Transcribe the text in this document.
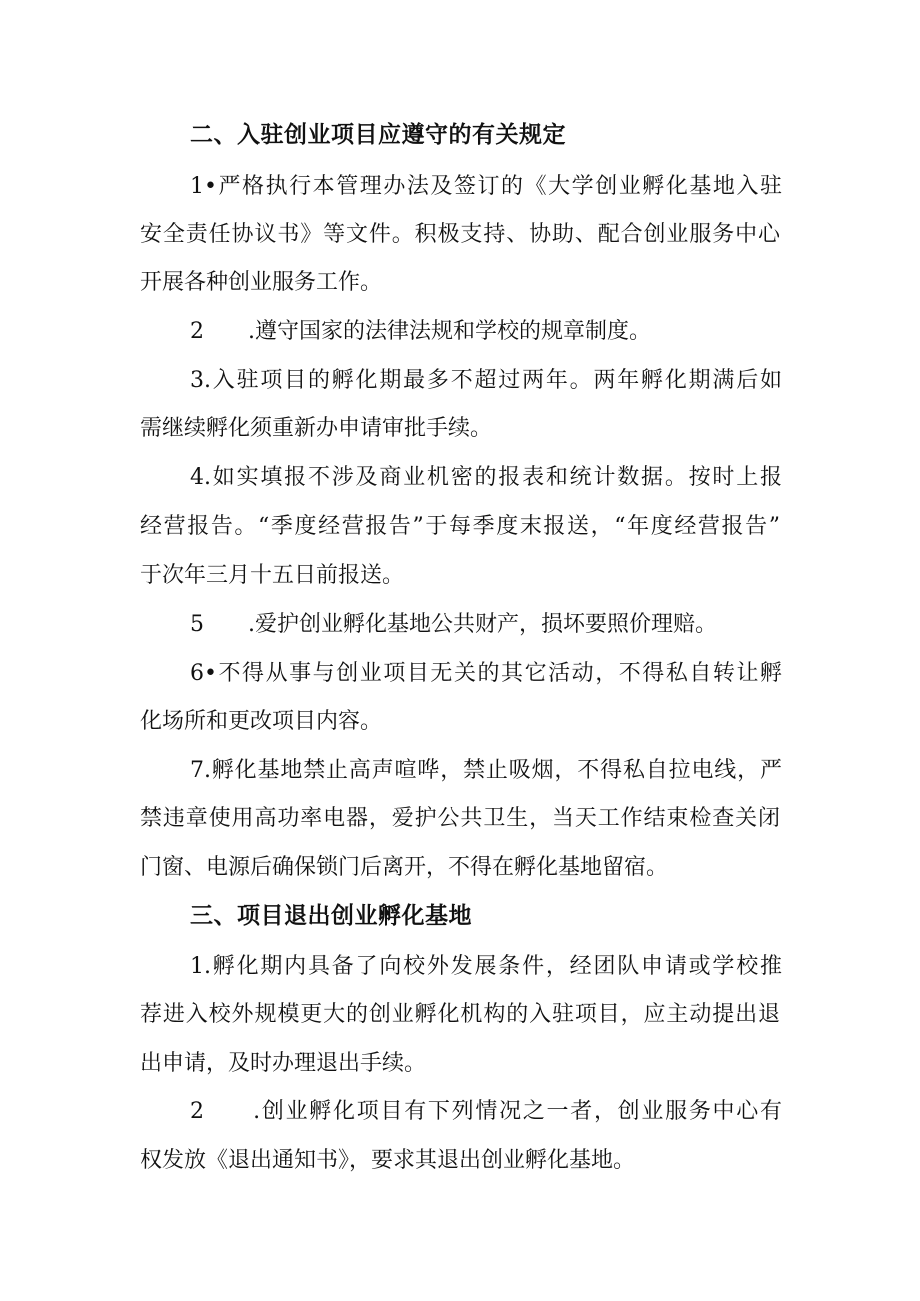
二、入驻创业项目应遵守的有关规定
1•严格执行本管理办法及签订的《大学创业孵化基地入驻
安全责任协议书》等文件。积极支持、协助、配合创业服务中心
开展各种创业服务工作。
2　　.遵守国家的法律法规和学校的规章制度。
3.入驻项目的孵化期最多不超过两年。两年孵化期满后如
需继续孵化须重新办申请审批手续。
4.如实填报不涉及商业机密的报表和统计数据。按时上报
经营报告。“季度经营报告”于每季度末报送，“年度经营报告”
于次年三月十五日前报送。
5　　.爱护创业孵化基地公共财产，损坏要照价理赔。
6•不得从事与创业项目无关的其它活动，不得私自转让孵
化场所和更改项目内容。
7.孵化基地禁止高声喧哗，禁止吸烟，不得私自拉电线，严
禁违章使用高功率电器，爱护公共卫生，当天工作结束检查关闭
门窗、电源后确保锁门后离开，不得在孵化基地留宿。
三、项目退出创业孵化基地
1.孵化期内具备了向校外发展条件，经团队申请或学校推
荐进入校外规模更大的创业孵化机构的入驻项目，应主动提出退
出申请，及时办理退出手续。
2　　.创业孵化项目有下列情况之一者，创业服务中心有
权发放《退出通知书》，要求其退出创业孵化基地。
